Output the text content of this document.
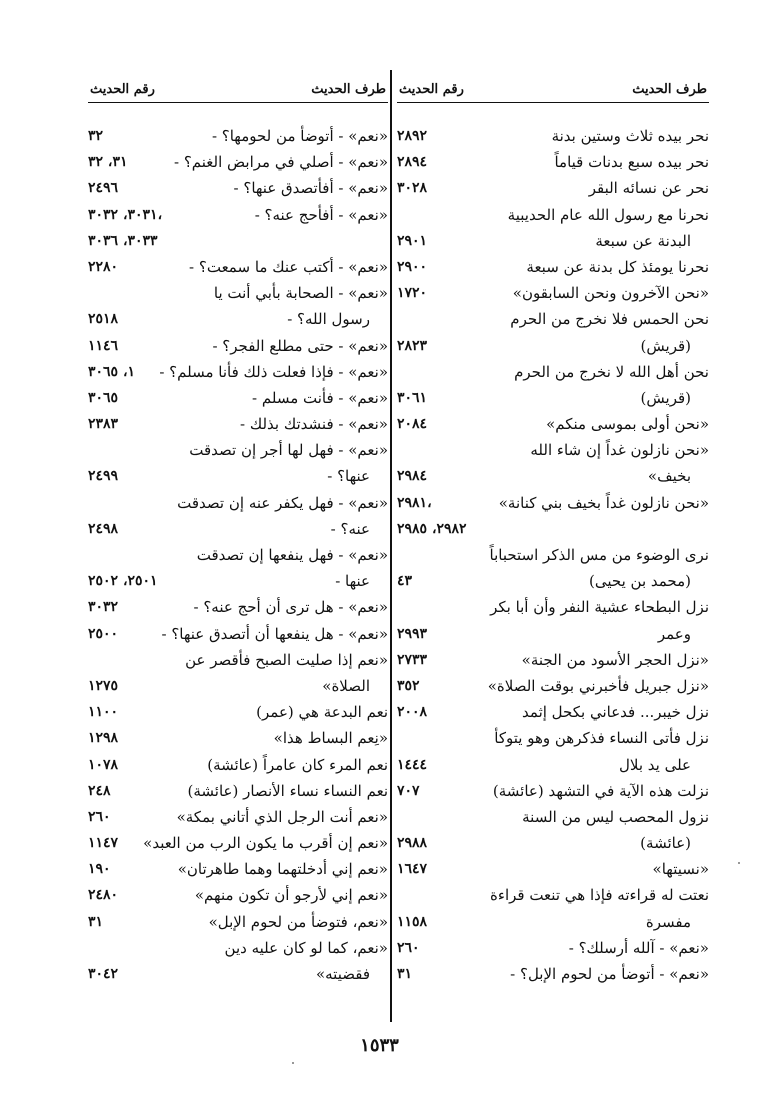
طرف الحديث
رقم الحديث
نحر بيده ثلاث وستين بدنة
٢٨٩٢
نحر بيده سبع بدنات قياماً
٢٨٩٤
نحر عن نسائه البقر
٣٠٢٨
نحرنا مع رسول الله عام الحديبية
البدنة عن سبعة
٢٩٠١
نحرنا يومئذ كل بدنة عن سبعة
٢٩٠٠
«نحن الآخرون ونحن السابقون»
١٧٢٠
نحن الحمس فلا نخرج من الحرم
(قريش)
٢٨٢٣
نحن أهل الله لا نخرج من الحرم
(قريش)
٣٠٦١
«نحن أولى بموسى منكم»
٢٠٨٤
«نحن نازلون غداً إن شاء الله
بخيف»
٢٩٨٤
«نحن نازلون غداً بخيف بني كنانة»
٢٩٨١،
٢٩٨٢، ٢٩٨٥
نرى الوضوء من مس الذكر استحباباً
(محمد بن يحيى)
٤٣
نزل البطحاء عشية النفر وأن أبا بكر
وعمر
٢٩٩٣
«نزل الحجر الأسود من الجنة»
٢٧٣٣
«نزل جبريل فأخبرني بوقت الصلاة»
٣٥٢
نزل خيبر... فدعاني بكحل إثمد
٢٠٠٨
نزل فأتى النساء فذكرهن وهو يتوكأ
على يد بلال
١٤٤٤
نزلت هذه الآية في التشهد (عائشة)
٧٠٧
نزول المحصب ليس من السنة
(عائشة)
٢٩٨٨
«نسيتها»
١٦٤٧
نعتت له قراءته فإذا هي تنعت قراءة
مفسرة
١١٥٨
«نعم» - آلله أرسلك؟ -
٢٦٠
«نعم» - أتوضأ من لحوم الإبل؟ -
٣١
طرف الحديث
رقم الحديث
«نعم» - أتوضأ من لحومها؟ -
٣٢
«نعم» - أصلي في مرابض الغنم؟ -
٣١، ٣٢
«نعم» - أفأتصدق عنها؟ -
٢٤٩٦
«نعم» - أفأحج عنه؟ -
٣٠٣١، ٣٠٣٢،
٣٠٣٣، ٣٠٣٦
«نعم» - أكتب عنك ما سمعت؟ -
٢٢٨٠
«نعم» - الصحابة بأبي أنت يا
رسول الله؟ -
٢٥١٨
«نعم» - حتى مطلع الفجر؟ -
١١٤٦
«نعم» - فإذا فعلت ذلك فأنا مسلم؟ -
١، ٣٠٦٥
«نعم» - فأنت مسلم -
٣٠٦٥
«نعم» - فنشدتك بذلك -
٢٣٨٣
«نعم» - فهل لها أجر إن تصدقت
عنها؟ -
٢٤٩٩
«نعم» - فهل يكفر عنه إن تصدقت
عنه؟ -
٢٤٩٨
«نعم» - فهل ينفعها إن تصدقت
عنها -
٢٥٠١، ٢٥٠٢
«نعم» - هل ترى أن أحج عنه؟ -
٣٠٣٢
«نعم» - هل ينفعها أن أتصدق عنها؟ -
٢٥٠٠
«نعم إذا صليت الصبح فأقصر عن
الصلاة»
١٢٧٥
نعم البدعة هي (عمر)
١١٠٠
«نِعم البساط هذا»
١٢٩٨
نعم المرء كان عامراً (عائشة)
١٠٧٨
نعم النساء نساء الأنصار (عائشة)
٢٤٨
«نعم أنت الرجل الذي أتاني بمكة»
٢٦٠
«نعم إن أقرب ما يكون الرب من العبد»
١١٤٧
«نعم إني أدخلتهما وهما طاهرتان»
١٩٠
«نعم إني لأرجو أن تكون منهم»
٢٤٨٠
«نعم، فتوضأ من لحوم الإبل»
٣١
«نعم، كما لو كان عليه دين
فقضيته»
٣٠٤٢
١٥٣٣
